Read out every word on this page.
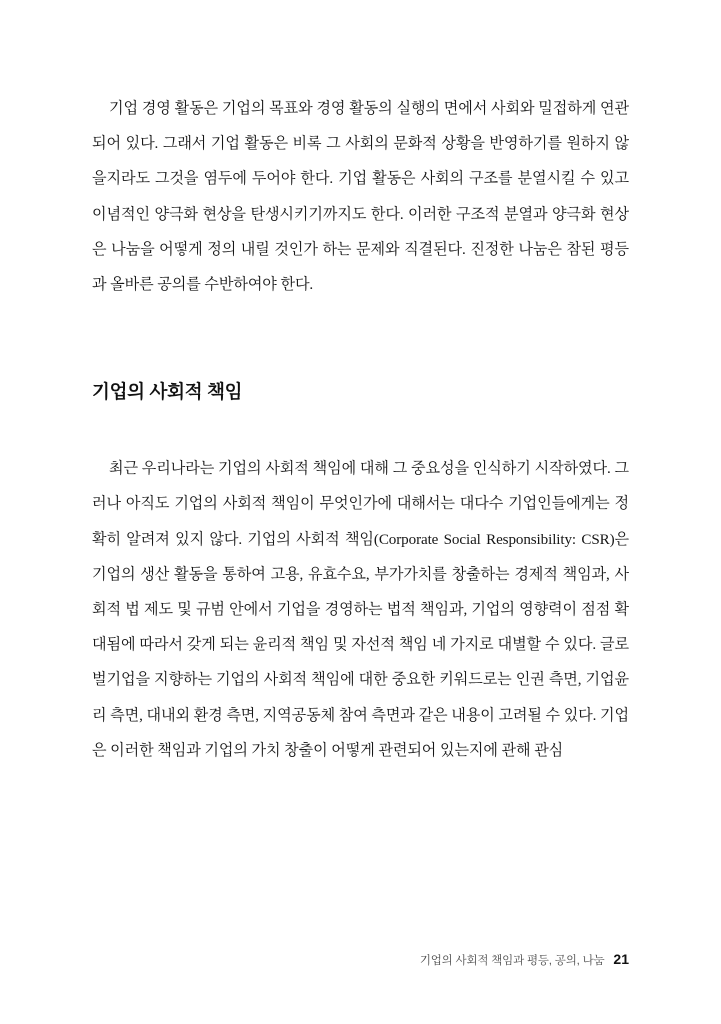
기업 경영 활동은 기업의 목표와 경영 활동의 실행의 면에서 사회와 밀접하게 연관되어 있다. 그래서 기업 활동은 비록 그 사회의 문화적 상황을 반영하기를 원하지 않을지라도 그것을 염두에 두어야 한다. 기업 활동은 사회의 구조를 분열시킬 수 있고 이념적인 양극화 현상을 탄생시키기까지도 한다. 이러한 구조적 분열과 양극화 현상은 나눔을 어떻게 정의 내릴 것인가 하는 문제와 직결된다. 진정한 나눔은 참된 평등과 올바른 공의를 수반하여야 한다.

기업의 사회적 책임

최근 우리나라는 기업의 사회적 책임에 대해 그 중요성을 인식하기 시작하였다. 그러나 아직도 기업의 사회적 책임이 무엇인가에 대해서는 대다수 기업인들에게는 정확히 알려져 있지 않다. 기업의 사회적 책임(Corporate Social Responsibility: CSR)은 기업의 생산 활동을 통하여 고용, 유효수요, 부가가치를 창출하는 경제적 책임과, 사회적 법 제도 및 규범 안에서 기업을 경영하는 법적 책임과, 기업의 영향력이 점점 확대됨에 따라서 갖게 되는 윤리적 책임 및 자선적 책임 네 가지로 대별할 수 있다. 글로벌기업을 지향하는 기업의 사회적 책임에 대한 중요한 키워드로는 인권 측면, 기업윤리 측면, 대내외 환경 측면, 지역공동체 참여 측면과 같은 내용이 고려될 수 있다. 기업은 이러한 책임과 기업의 가치 창출이 어떻게 관련되어 있는지에 관해 관심

기업의 사회적 책임과 평등, 공의, 나눔 21
